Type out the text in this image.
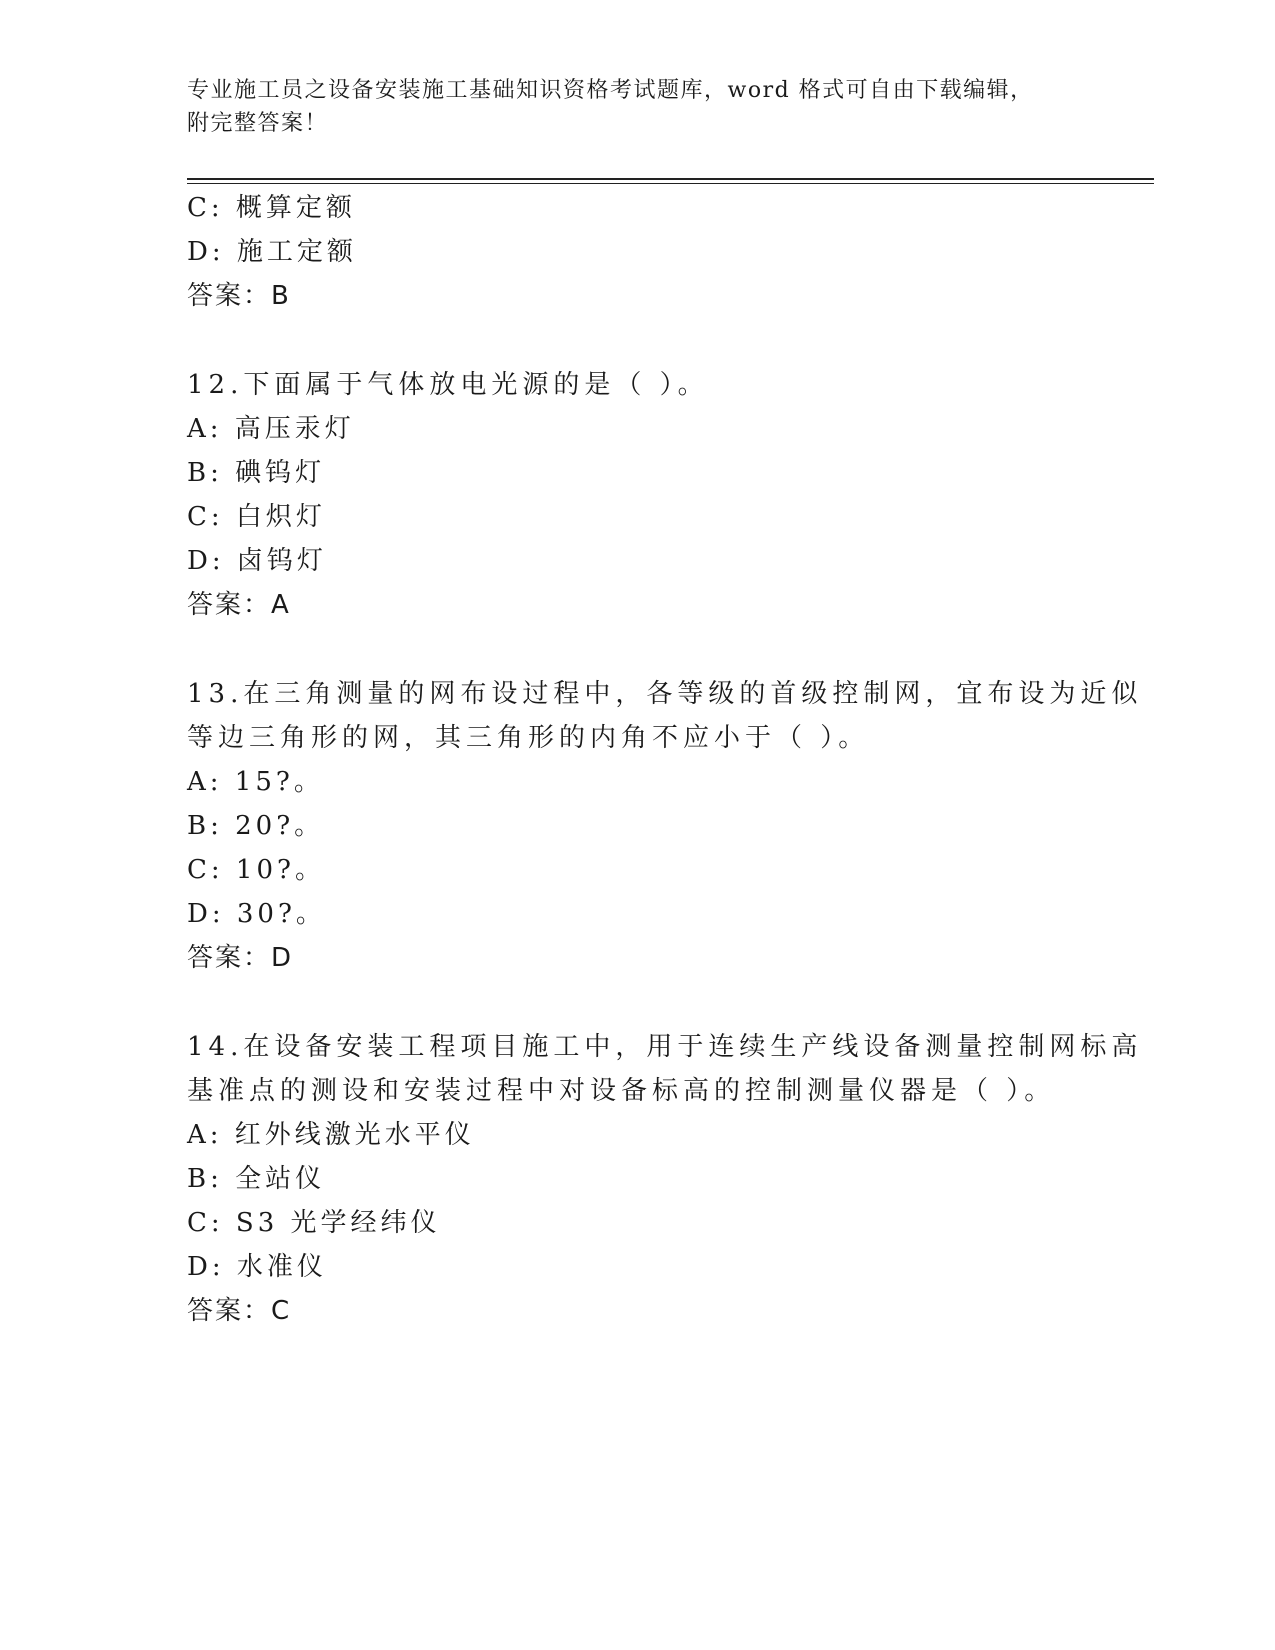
专业施工员之设备安装施工基础知识资格考试题库，word 格式可自由下载编辑，
附完整答案！
C: 概算定额
D: 施工定额
答案：B
12.下面属于气体放电光源的是（ ）。
A: 高压汞灯
B: 碘钨灯
C: 白炽灯
D: 卤钨灯
答案：A
13.在三角测量的网布设过程中，各等级的首级控制网，宜布设为近似
等边三角形的网，其三角形的内角不应小于（ ）。
A: 15?。
B: 20?。
C: 10?。
D: 30?。
答案：D
14.在设备安装工程项目施工中，用于连续生产线设备测量控制网标高
基准点的测设和安装过程中对设备标高的控制测量仪器是（ ）。
A: 红外线激光水平仪
B: 全站仪
C: S3 光学经纬仪
D: 水准仪
答案：C
